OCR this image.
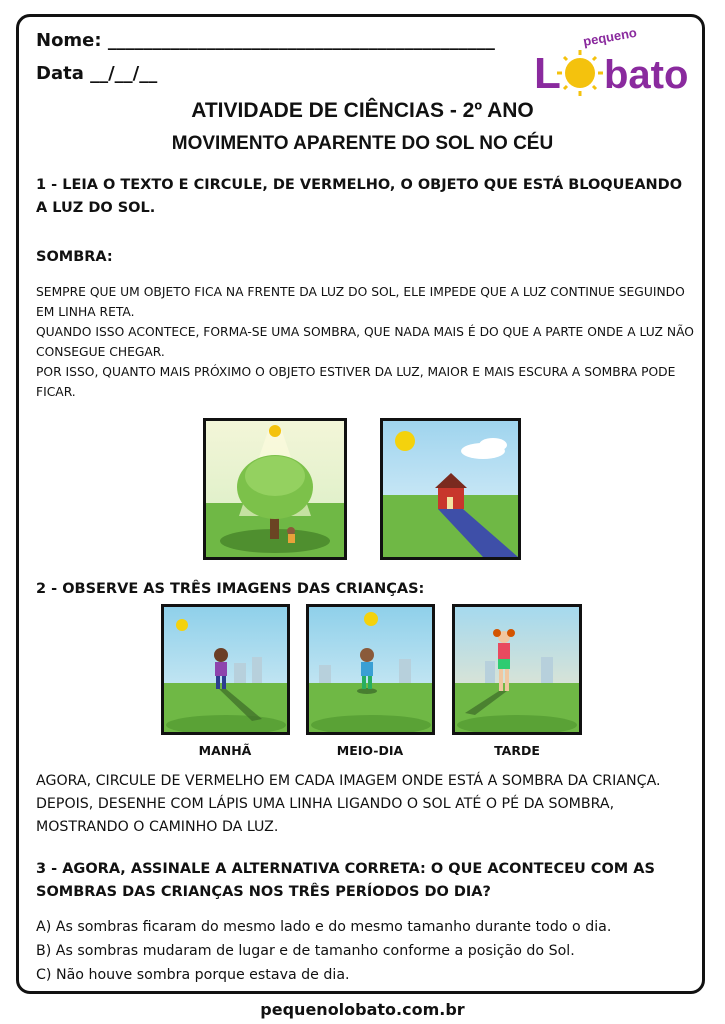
Nome: ___________________________________________
Data __/__/__
pequeno
L bato
ATIVIDADE DE CIÊNCIAS - 2º ANO
MOVIMENTO APARENTE DO SOL NO CÉU
1 - LEIA O TEXTO E CIRCULE, DE VERMELHO, O OBJETO QUE ESTÁ BLOQUEANDO
A LUZ DO SOL.
SOMBRA:

SEMPRE QUE UM OBJETO FICA NA FRENTE DA LUZ DO SOL, ELE IMPEDE QUE A LUZ CONTINUE SEGUINDO EM LINHA RETA.

QUANDO ISSO ACONTECE, FORMA-SE UMA SOMBRA, QUE NADA MAIS É DO QUE A PARTE ONDE A LUZ NÃO CONSEGUE CHEGAR.

POR ISSO, QUANTO MAIS PRÓXIMO O OBJETO ESTIVER DA LUZ, MAIOR E MAIS ESCURA A SOMBRA PODE FICAR.

2 - OBSERVE AS TRÊS IMAGENS DAS CRIANÇAS:
MANHÃ	MEIO-DIA	TARDE
AGORA, CIRCULE DE VERMELHO EM CADA IMAGEM ONDE ESTÁ A SOMBRA DA CRIANÇA. DEPOIS, DESENHE COM LÁPIS UMA LINHA LIGANDO O SOL ATÉ O PÉ DA SOMBRA, MOSTRANDO O CAMINHO DA LUZ.
3 - AGORA, ASSINALE A ALTERNATIVA CORRETA: O QUE ACONTECEU COM AS SOMBRAS DAS CRIANÇAS NOS TRÊS PERÍODOS DO DIA?
A) As sombras ficaram do mesmo lado e do mesmo tamanho durante todo o dia.
B) As sombras mudaram de lugar e de tamanho conforme a posição do Sol.
C) Não houve sombra porque estava de dia.
pequenolobato.com.br
